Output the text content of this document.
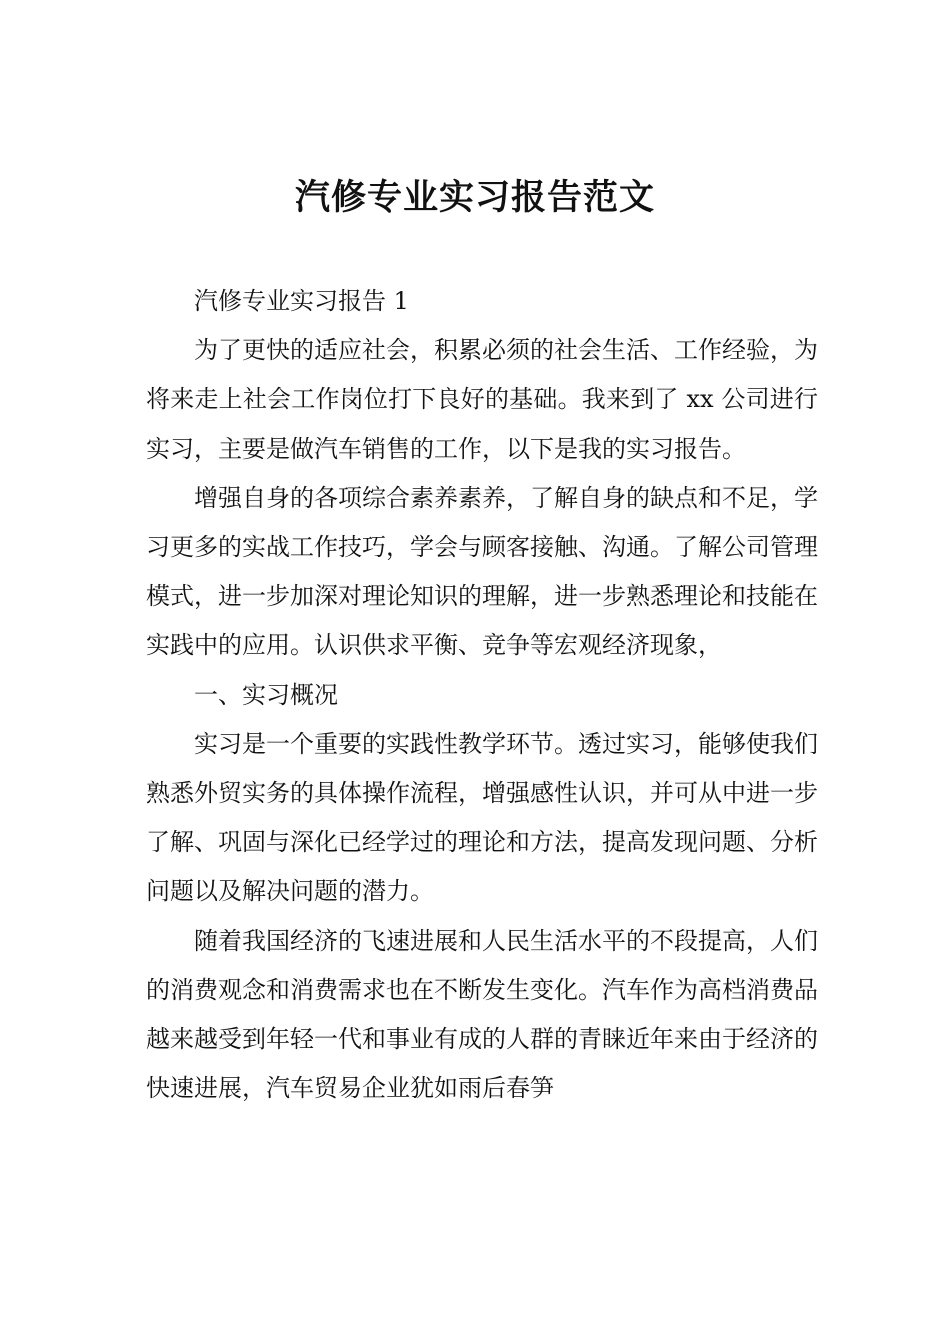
汽修专业实习报告范文

汽修专业实习报告 1

为了更快的适应社会，积累必须的社会生活、工作经验，为将来走上社会工作岗位打下良好的基础。我来到了 xx 公司进行实习，主要是做汽车销售的工作，以下是我的实习报告。

增强自身的各项综合素养素养，了解自身的缺点和不足，学习更多的实战工作技巧，学会与顾客接触、沟通。了解公司管理模式，进一步加深对理论知识的理解，进一步熟悉理论和技能在实践中的应用。认识供求平衡、竞争等宏观经济现象，

一、实习概况

实习是一个重要的实践性教学环节。透过实习，能够使我们熟悉外贸实务的具体操作流程，增强感性认识，并可从中进一步了解、巩固与深化已经学过的理论和方法，提高发现问题、分析问题以及解决问题的潜力。

随着我国经济的飞速进展和人民生活水平的不段提高，人们的消费观念和消费需求也在不断发生变化。汽车作为高档消费品越来越受到年轻一代和事业有成的人群的青睐近年来由于经济的快速进展，汽车贸易企业犹如雨后春笋
